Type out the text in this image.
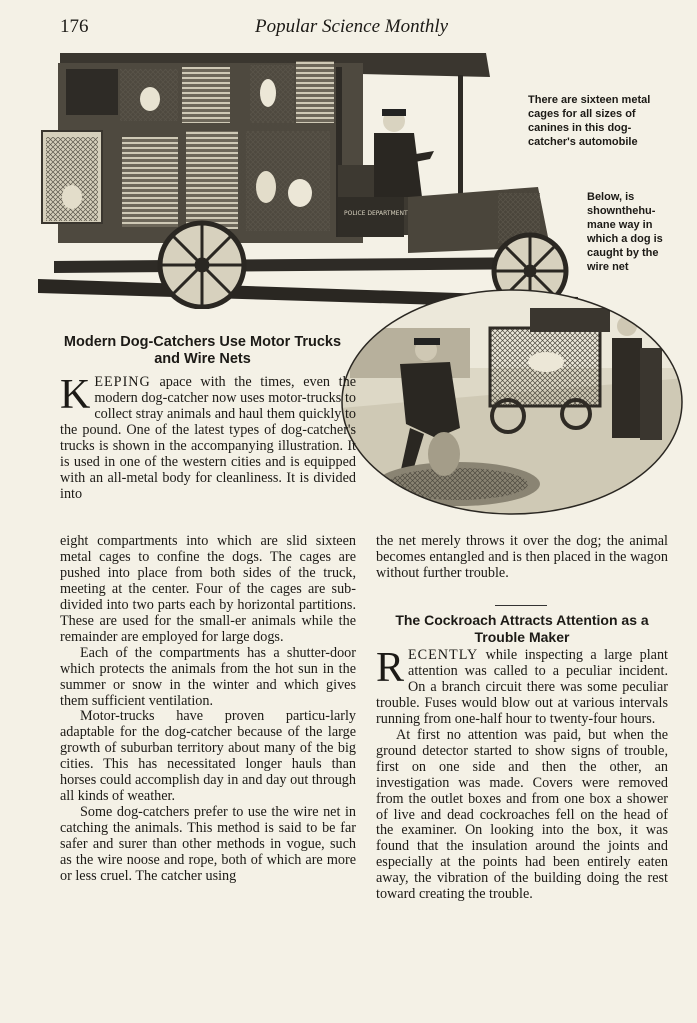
176	Popular Science Monthly
POLICE DEPARTMENT
There are sixteen metal cages for all sizes of canines in this dog-catcher's automobile
Below, is shownthehu-mane way in which a dog is caught by the wire net
Modern Dog-Catchers Use Motor Trucks and Wire Nets

KEEPING apace with the times, even the modern dog-catcher now uses motor-trucks to collect stray animals and haul them quickly to the pound. One of the latest types of dog-catcher's trucks is shown in the accompanying illustration. It is used in one of the western cities and is equipped with an all-metal body for cleanliness. It is divided into

eight compartments into which are slid sixteen metal cages to confine the dogs. The cages are pushed into place from both sides of the truck, meeting at the center. Four of the cages are sub-divided into two parts each by horizontal partitions. These are used for the small-er animals while the remainder are employed for large dogs.

Each of the compartments has a shutter-door which protects the animals from the hot sun in the summer or snow in the winter and which gives them sufficient ventilation.

Motor-trucks have proven particu-larly adaptable for the dog-catcher because of the large growth of suburban territory about many of the big cities. This has necessitated longer hauls than horses could accomplish day in and day out through all kinds of weather.

Some dog-catchers prefer to use the wire net in catching the animals. This method is said to be far safer and surer than other methods in vogue, such as the wire noose and rope, both of which are more or less cruel. The catcher using

the net merely throws it over the dog; the animal becomes entangled and is then placed in the wagon without further trouble.

The Cockroach Attracts Attention as a Trouble Maker

RECENTLY while inspecting a large plant attention was called to a peculiar incident. On a branch circuit there was some peculiar trouble. Fuses would blow out at various intervals running from one-half hour to twenty-four hours.

At first no attention was paid, but when the ground detector started to show signs of trouble, first on one side and then the other, an investigation was made. Covers were removed from the outlet boxes and from one box a shower of live and dead cockroaches fell on the head of the examiner. On looking into the box, it was found that the insulation around the joints and especially at the points had been entirely eaten away, the vibration of the building doing the rest toward creating the trouble.
